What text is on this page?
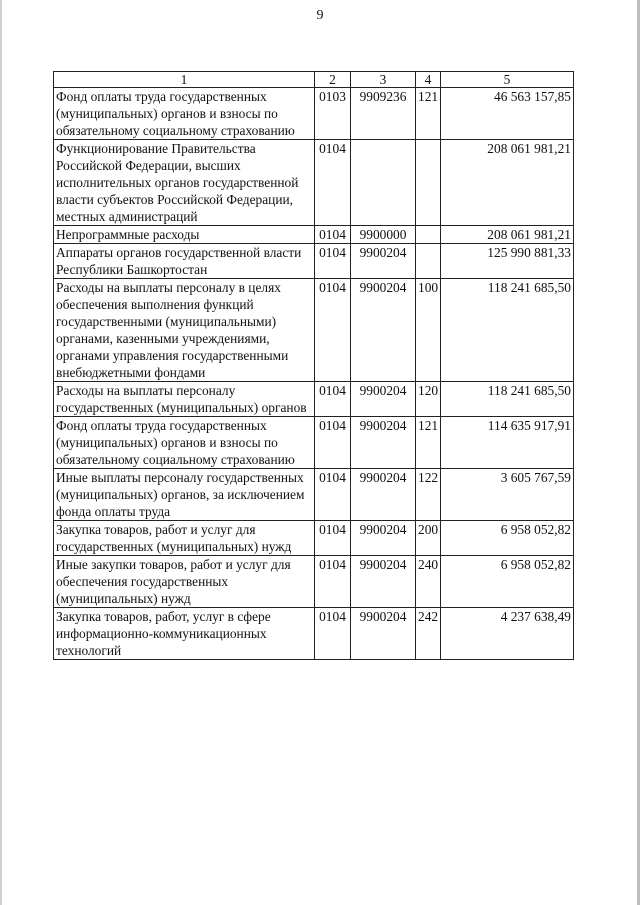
9
1	2	3	4	5
Фонд оплаты труда государственных (муниципальных) органов и взносы по обязательному социальному страхованию	0103	9909236	121	46 563 157,85
Функционирование Правительства Российской Федерации, высших исполнительных органов государственной власти субъектов Российской Федерации, местных администраций	0104			208 061 981,21
Непрограммные расходы	0104	9900000		208 061 981,21
Аппараты органов государственной власти Республики Башкортостан	0104	9900204		125 990 881,33
Расходы на выплаты персоналу в целях обеспечения выполнения функций государственными (муниципальными) органами, казенными учреждениями, органами управления государственными внебюджетными фондами	0104	9900204	100	118 241 685,50
Расходы на выплаты персоналу государственных (муниципальных) органов	0104	9900204	120	118 241 685,50
Фонд оплаты труда государственных (муниципальных) органов и взносы по обязательному социальному страхованию	0104	9900204	121	114 635 917,91
Иные выплаты персоналу государственных (муниципальных) органов, за исключением фонда оплаты труда	0104	9900204	122	3 605 767,59
Закупка товаров, работ и услуг для государственных (муниципальных) нужд	0104	9900204	200	6 958 052,82
Иные закупки товаров, работ и услуг для обеспечения государственных (муниципальных) нужд	0104	9900204	240	6 958 052,82
Закупка товаров, работ, услуг в сфере информационно-коммуникационных технологий	0104	9900204	242	4 237 638,49
